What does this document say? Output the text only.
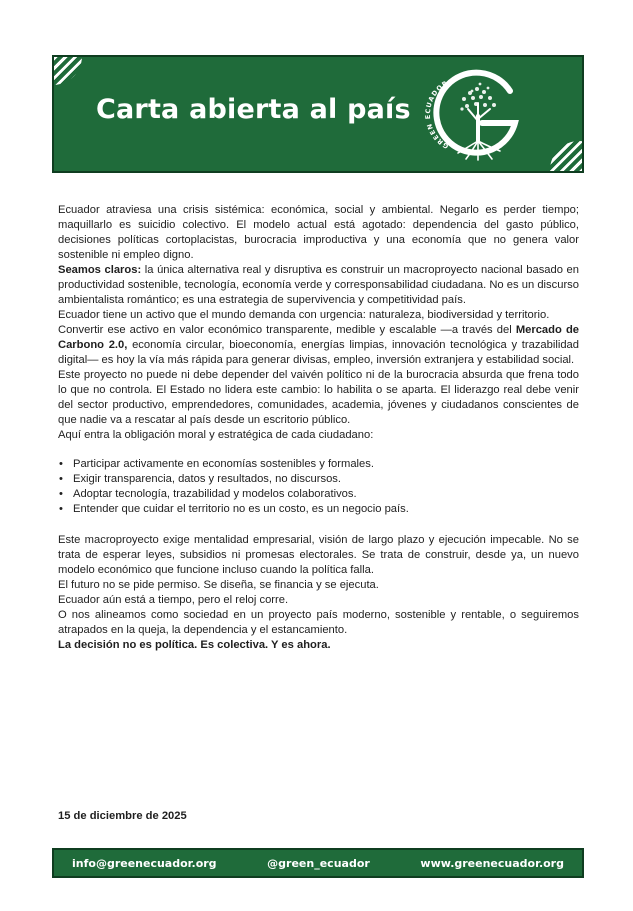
Carta abierta al país
GREEN ECUADOR

Ecuador atraviesa una crisis sistémica: económica, social y ambiental. Negarlo es perder tiempo; maquillarlo es suicidio colectivo. El modelo actual está agotado: dependencia del gasto público, decisiones políticas cortoplacistas, burocracia improductiva y una economía que no genera valor sostenible ni empleo digno.

Seamos claros: la única alternativa real y disruptiva es construir un macroproyecto nacional basado en productividad sostenible, tecnología, economía verde y corresponsabilidad ciudadana. No es un discurso ambientalista romántico; es una estrategia de supervivencia y competitividad país.

Ecuador tiene un activo que el mundo demanda con urgencia: naturaleza, biodiversidad y territorio.

Convertir ese activo en valor económico transparente, medible y escalable —a través del Mercado de Carbono 2.0, economía circular, bioeconomía, energías limpias, innovación tecnológica y trazabilidad digital— es hoy la vía más rápida para generar divisas, empleo, inversión extranjera y estabilidad social.

Este proyecto no puede ni debe depender del vaivén político ni de la burocracia absurda que frena todo lo que no controla. El Estado no lidera este cambio: lo habilita o se aparta. El liderazgo real debe venir del sector productivo, emprendedores, comunidades, academia, jóvenes y ciudadanos conscientes de que nadie va a rescatar al país desde un escritorio público.

Aquí entra la obligación moral y estratégica de cada ciudadano:

• Participar activamente en economías sostenibles y formales.
• Exigir transparencia, datos y resultados, no discursos.
• Adoptar tecnología, trazabilidad y modelos colaborativos.
• Entender que cuidar el territorio no es un costo, es un negocio país.

Este macroproyecto exige mentalidad empresarial, visión de largo plazo y ejecución impecable. No se trata de esperar leyes, subsidios ni promesas electorales. Se trata de construir, desde ya, un nuevo modelo económico que funcione incluso cuando la política falla.

El futuro no se pide permiso. Se diseña, se financia y se ejecuta.

Ecuador aún está a tiempo, pero el reloj corre.

O nos alineamos como sociedad en un proyecto país moderno, sostenible y rentable, o seguiremos atrapados en la queja, la dependencia y el estancamiento.

La decisión no es política. Es colectiva. Y es ahora.

15 de diciembre de 2025
info@greenecuador.org	@green_ecuador	www.greenecuador.org
